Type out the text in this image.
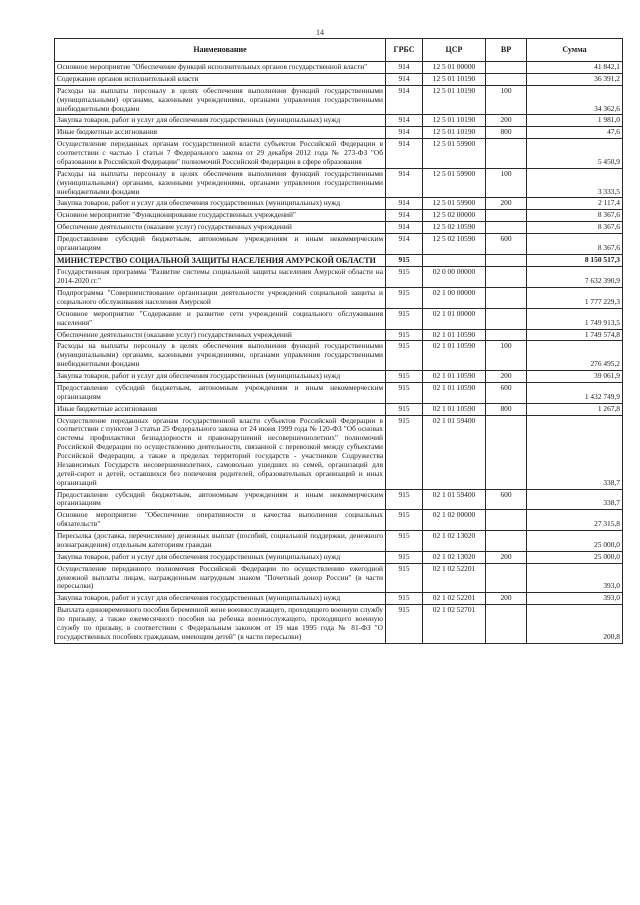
14
Наименование	ГРБС	ЦСР	ВР	Сумма
Основное мероприятие "Обеспечение функций исполнительных органов государственной власти"	914	12 5 01 00000		41 842,1
Содержание органов исполнительной власти	914	12 5 01 10190		36 391,2
Расходы на выплаты персоналу в целях обеспечения выполнения функций государственными (муниципальными) органами, казенными учреждениями, органами управления государственными внебюджетными фондами	914	12 5 01 10190	100	34 362,6
Закупка товаров, работ и услуг для обеспечения государственных (муниципальных) нужд	914	12 5 01 10190	200	1 981,0
Иные бюджетные ассигнования	914	12 5 01 10190	800	47,6
Осуществление переданных органам государственной власти субъектов Российской Федерации в соответствии с частью 1 статьи 7 Федерального закона от 29 декабря 2012 года № 273-ФЗ "Об образовании в Российской Федерации" полномочий Российской Федерации в сфере образования	914	12 5 01 59900		5 450,9
Расходы на выплаты персоналу в целях обеспечения выполнения функций государственными (муниципальными) органами, казенными учреждениями, органами управления государственными внебюджетными фондами	914	12 5 01 59900	100	3 333,5
Закупка товаров, работ и услуг для обеспечения государственных (муниципальных) нужд	914	12 5 01 59900	200	2 117,4
Основное мероприятие "Функционирование государственных учреждений"	914	12 5 02 00000		8 367,6
Обеспечение деятельности (оказание услуг) государственных учреждений	914	12 5 02 10590		8 367,6
Предоставление субсидий бюджетным, автономным учреждениям и иным некоммерческим организациям	914	12 5 02 10590	600	8 367,6
МИНИСТЕРСТВО СОЦИАЛЬНОЙ ЗАЩИТЫ НАСЕЛЕНИЯ АМУРСКОЙ ОБЛАСТИ	915			8 150 517,3
Государственная программа "Развитие системы социальной защиты населения Амурской области на 2014-2020 гг."	915	02 0 00 00000		7 632 390,9
Подпрограмма "Совершенствование организации деятельности учреждений социальной защиты и социального обслуживания населения Амурской	915	02 1 00 00000		1 777 229,3
Основное мероприятие "Содержание и развитие сети учреждений социального обслуживания населения"	915	02 1 01 00000		1 749 913,5
Обеспечение деятельности (оказание услуг) государственных учреждений	915	02 1 01 10590		1 749 574,8
Расходы на выплаты персоналу в целях обеспечения выполнения функций государственными (муниципальными) органами, казенными учреждениями, органами управления государственными внебюджетными фондами	915	02 1 01 10590	100	276 495,2
Закупка товаров, работ и услуг для обеспечения государственных (муниципальных) нужд	915	02 1 01 10590	200	39 061,9
Предоставление субсидий бюджетным, автономным учреждениям и иным некоммерческим организациям	915	02 1 01 10590	600	1 432 749,9
Иные бюджетные ассигнования	915	02 1 01 10590	800	1 267,8
Осуществление переданных органам государственной власти субъектов Российской Федерации в соответствии с пунктом 3 статьи 25 Федерального закона от 24 июня 1999 года № 120-ФЗ "Об основах системы профилактики безнадзорности и правонарушений несовершеннолетних" полномочий Российской Федерации по осуществлению деятельности, связанной с перевозкой между субъектами Российской Федерации, а также в пределах территорий государств - участников Содружества Независимых Государств несовершеннолетних, самовольно ушедших из семей, организаций для детей-сирот и детей, оставшихся без попечения родителей, образовательных организаций и иных организаций	915	02 1 01 59400		338,7
Предоставление субсидий бюджетным, автономным учреждениям и иным некоммерческим организациям	915	02 1 01 59400	600	338,7
Основное мероприятие "Обеспечение оперативности и качества выполнения социальных обязательств"	915	02 1 02 00000		27 315,8
Пересылка (доставка, перечисление) денежных выплат (пособий, социальной поддержки, денежного вознаграждения) отдельным категориям граждан	915	02 1 02 13020		25 000,0
Закупка товаров, работ и услуг для обеспечения государственных (муниципальных) нужд	915	02 1 02 13020	200	25 000,0
Осуществление переданного полномочия Российской Федерации по осуществлению ежегодной денежной выплаты лицам, награжденным нагрудным знаком "Почетный донор России" (в части пересылки)	915	02 1 02 52201		393,0
Закупка товаров, работ и услуг для обеспечения государственных (муниципальных) нужд	915	02 1 02 52201	200	393,0
Выплата единовременного пособия беременной жене военнослужащего, проходящего военную службу по призыву, а также ежемесячного пособия на ребенка военнослужащего, проходящего военную службу по призыву, в соответствии с Федеральным законом от 19 мая 1995 года № 81-ФЗ "О государственных пособиях гражданам, имеющим детей" (в части пересылки)	915	02 1 02 52701		200,8
